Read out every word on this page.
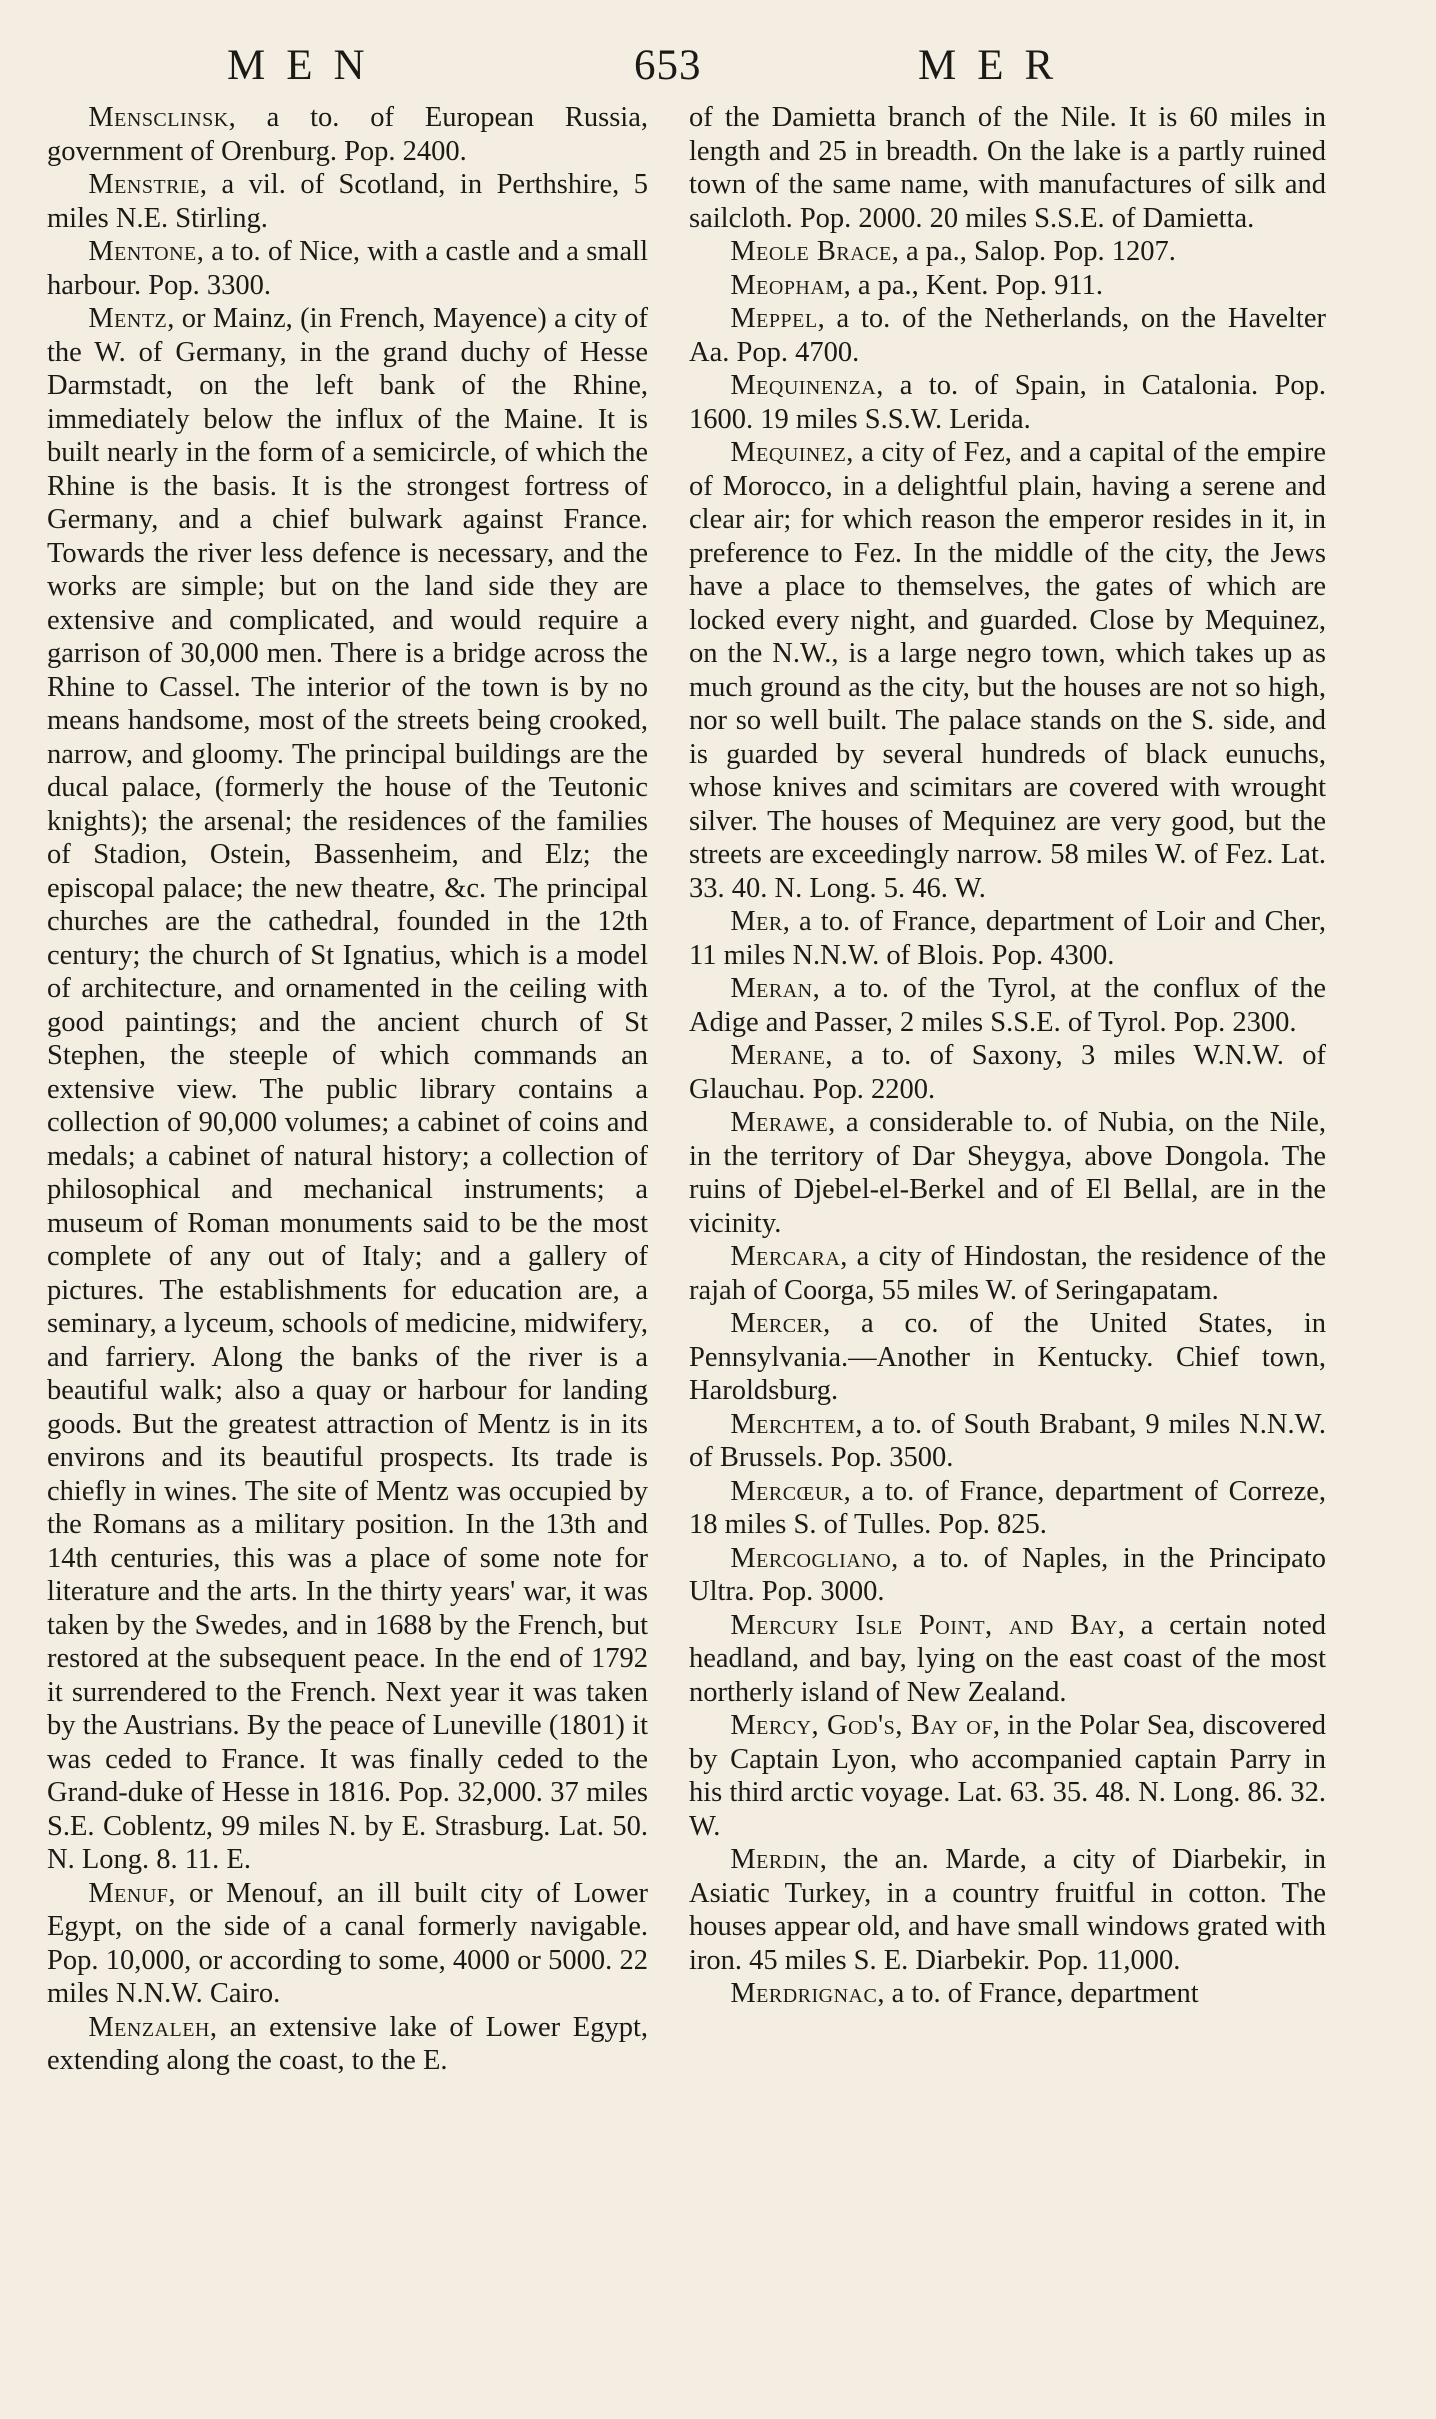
MEN	653	MER

Mensclinsk, a to. of European Russia, government of Orenburg. Pop. 2400.

Menstrie, a vil. of Scotland, in Perthshire, 5 miles N.E. Stirling.

Mentone, a to. of Nice, with a castle and a small harbour. Pop. 3300.

Mentz, or Mainz, (in French, Mayence) a city of the W. of Germany, in the grand duchy of Hesse Darmstadt, on the left bank of the Rhine, immediately below the influx of the Maine. It is built nearly in the form of a semicircle, of which the Rhine is the basis. It is the strongest fortress of Germany, and a chief bulwark against France. Towards the river less defence is necessary, and the works are simple; but on the land side they are extensive and complicated, and would require a garrison of 30,000 men. There is a bridge across the Rhine to Cassel. The interior of the town is by no means handsome, most of the streets being crooked, narrow, and gloomy. The principal buildings are the ducal palace, (formerly the house of the Teutonic knights); the arsenal; the residences of the families of Stadion, Ostein, Bassenheim, and Elz; the episcopal palace; the new theatre, &c. The principal churches are the cathedral, founded in the 12th century; the church of St Ignatius, which is a model of architecture, and ornamented in the ceiling with good paintings; and the ancient church of St Stephen, the steeple of which commands an extensive view. The public library contains a collection of 90,000 volumes; a cabinet of coins and medals; a cabinet of natural history; a collection of philosophical and mechanical instruments; a museum of Roman monuments said to be the most complete of any out of Italy; and a gallery of pictures. The establishments for education are, a seminary, a lyceum, schools of medicine, midwifery, and farriery. Along the banks of the river is a beautiful walk; also a quay or harbour for landing goods. But the greatest attraction of Mentz is in its environs and its beautiful prospects. Its trade is chiefly in wines. The site of Mentz was occupied by the Romans as a military position. In the 13th and 14th centuries, this was a place of some note for literature and the arts. In the thirty years' war, it was taken by the Swedes, and in 1688 by the French, but restored at the subsequent peace. In the end of 1792 it surrendered to the French. Next year it was taken by the Austrians. By the peace of Luneville (1801) it was ceded to France. It was finally ceded to the Grand-duke of Hesse in 1816. Pop. 32,000. 37 miles S.E. Coblentz, 99 miles N. by E. Strasburg. Lat. 50. N. Long. 8. 11. E.

Menuf, or Menouf, an ill built city of Lower Egypt, on the side of a canal formerly navigable. Pop. 10,000, or according to some, 4000 or 5000. 22 miles N.N.W. Cairo.

Menzaleh, an extensive lake of Lower Egypt, extending along the coast, to the E.

of the Damietta branch of the Nile. It is 60 miles in length and 25 in breadth. On the lake is a partly ruined town of the same name, with manufactures of silk and sailcloth. Pop. 2000. 20 miles S.S.E. of Damietta.

Meole Brace, a pa., Salop. Pop. 1207.

Meopham, a pa., Kent. Pop. 911.

Meppel, a to. of the Netherlands, on the Havelter Aa. Pop. 4700.

Mequinenza, a to. of Spain, in Catalonia. Pop. 1600. 19 miles S.S.W. Lerida.

Mequinez, a city of Fez, and a capital of the empire of Morocco, in a delightful plain, having a serene and clear air; for which reason the emperor resides in it, in preference to Fez. In the middle of the city, the Jews have a place to themselves, the gates of which are locked every night, and guarded. Close by Mequinez, on the N.W., is a large negro town, which takes up as much ground as the city, but the houses are not so high, nor so well built. The palace stands on the S. side, and is guarded by several hundreds of black eunuchs, whose knives and scimitars are covered with wrought silver. The houses of Mequinez are very good, but the streets are exceedingly narrow. 58 miles W. of Fez. Lat. 33. 40. N. Long. 5. 46. W.

Mer, a to. of France, department of Loir and Cher, 11 miles N.N.W. of Blois. Pop. 4300.

Meran, a to. of the Tyrol, at the conflux of the Adige and Passer, 2 miles S.S.E. of Tyrol. Pop. 2300.

Merane, a to. of Saxony, 3 miles W.N.W. of Glauchau. Pop. 2200.

Merawe, a considerable to. of Nubia, on the Nile, in the territory of Dar Sheygya, above Dongola. The ruins of Djebel-el-Berkel and of El Bellal, are in the vicinity.

Mercara, a city of Hindostan, the residence of the rajah of Coorga, 55 miles W. of Seringapatam.

Mercer, a co. of the United States, in Pennsylvania.—Another in Kentucky. Chief town, Haroldsburg.

Merchtem, a to. of South Brabant, 9 miles N.N.W. of Brussels. Pop. 3500.

Mercœur, a to. of France, department of Correze, 18 miles S. of Tulles. Pop. 825.

Mercogliano, a to. of Naples, in the Principato Ultra. Pop. 3000.

Mercury Isle Point, and Bay, a certain noted headland, and bay, lying on the east coast of the most northerly island of New Zealand.

Mercy, God's, Bay of, in the Polar Sea, discovered by Captain Lyon, who accompanied captain Parry in his third arctic voyage. Lat. 63. 35. 48. N. Long. 86. 32. W.

Merdin, the an. Marde, a city of Diarbekir, in Asiatic Turkey, in a country fruitful in cotton. The houses appear old, and have small windows grated with iron. 45 miles S. E. Diarbekir. Pop. 11,000.

Merdrignac, a to. of France, department
